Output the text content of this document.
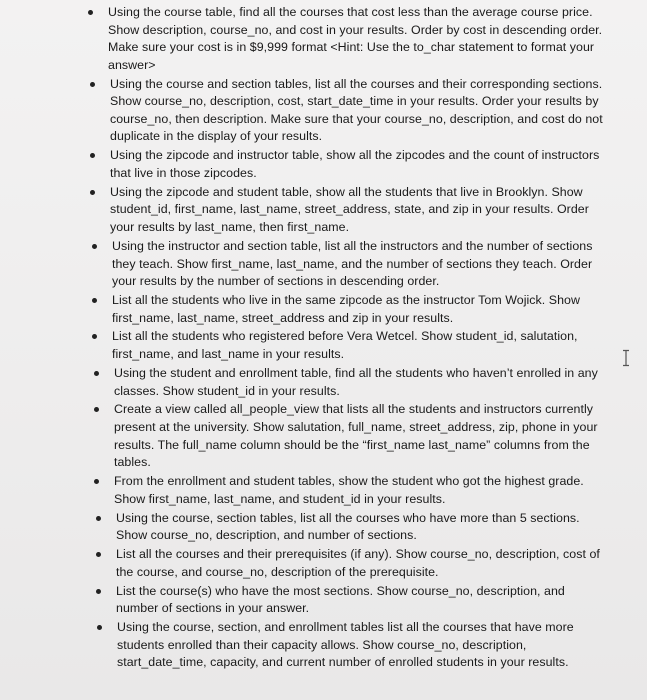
Using the course table, find all the courses that cost less than the average course price. Show description, course_no, and cost in your results. Order by cost in descending order. Make sure your cost is in $9,999 format <Hint: Use the to_char statement to format your answer>
Using the course and section tables, list all the courses and their corresponding sections. Show course_no, description, cost, start_date_time in your results. Order your results by course_no, then description. Make sure that your course_no, description, and cost do not duplicate in the display of your results.
Using the zipcode and instructor table, show all the zipcodes and the count of instructors that live in those zipcodes.
Using the zipcode and student table, show all the students that live in Brooklyn. Show student_id, first_name, last_name, street_address, state, and zip in your results. Order your results by last_name, then first_name.
Using the instructor and section table, list all the instructors and the number of sections they teach. Show first_name, last_name, and the number of sections they teach. Order your results by the number of sections in descending order.
List all the students who live in the same zipcode as the instructor Tom Wojick. Show first_name, last_name, street_address and zip in your results.
List all the students who registered before Vera Wetcel. Show student_id, salutation, first_name, and last_name in your results.
Using the student and enrollment table, find all the students who haven’t enrolled in any classes. Show student_id in your results.
Create a view called all_people_view that lists all the students and instructors currently present at the university. Show salutation, full_name, street_address, zip, phone in your results. The full_name column should be the “first_name last_name” columns from the tables.
From the enrollment and student tables, show the student who got the highest grade. Show first_name, last_name, and student_id in your results.
Using the course, section tables, list all the courses who have more than 5 sections. Show course_no, description, and number of sections.
List all the courses and their prerequisites (if any). Show course_no, description, cost of the course, and course_no, description of the prerequisite.
List the course(s) who have the most sections. Show course_no, description, and number of sections in your answer.
Using the course, section, and enrollment tables list all the courses that have more students enrolled than their capacity allows. Show course_no, description, start_date_time, capacity, and current number of enrolled students in your results.
